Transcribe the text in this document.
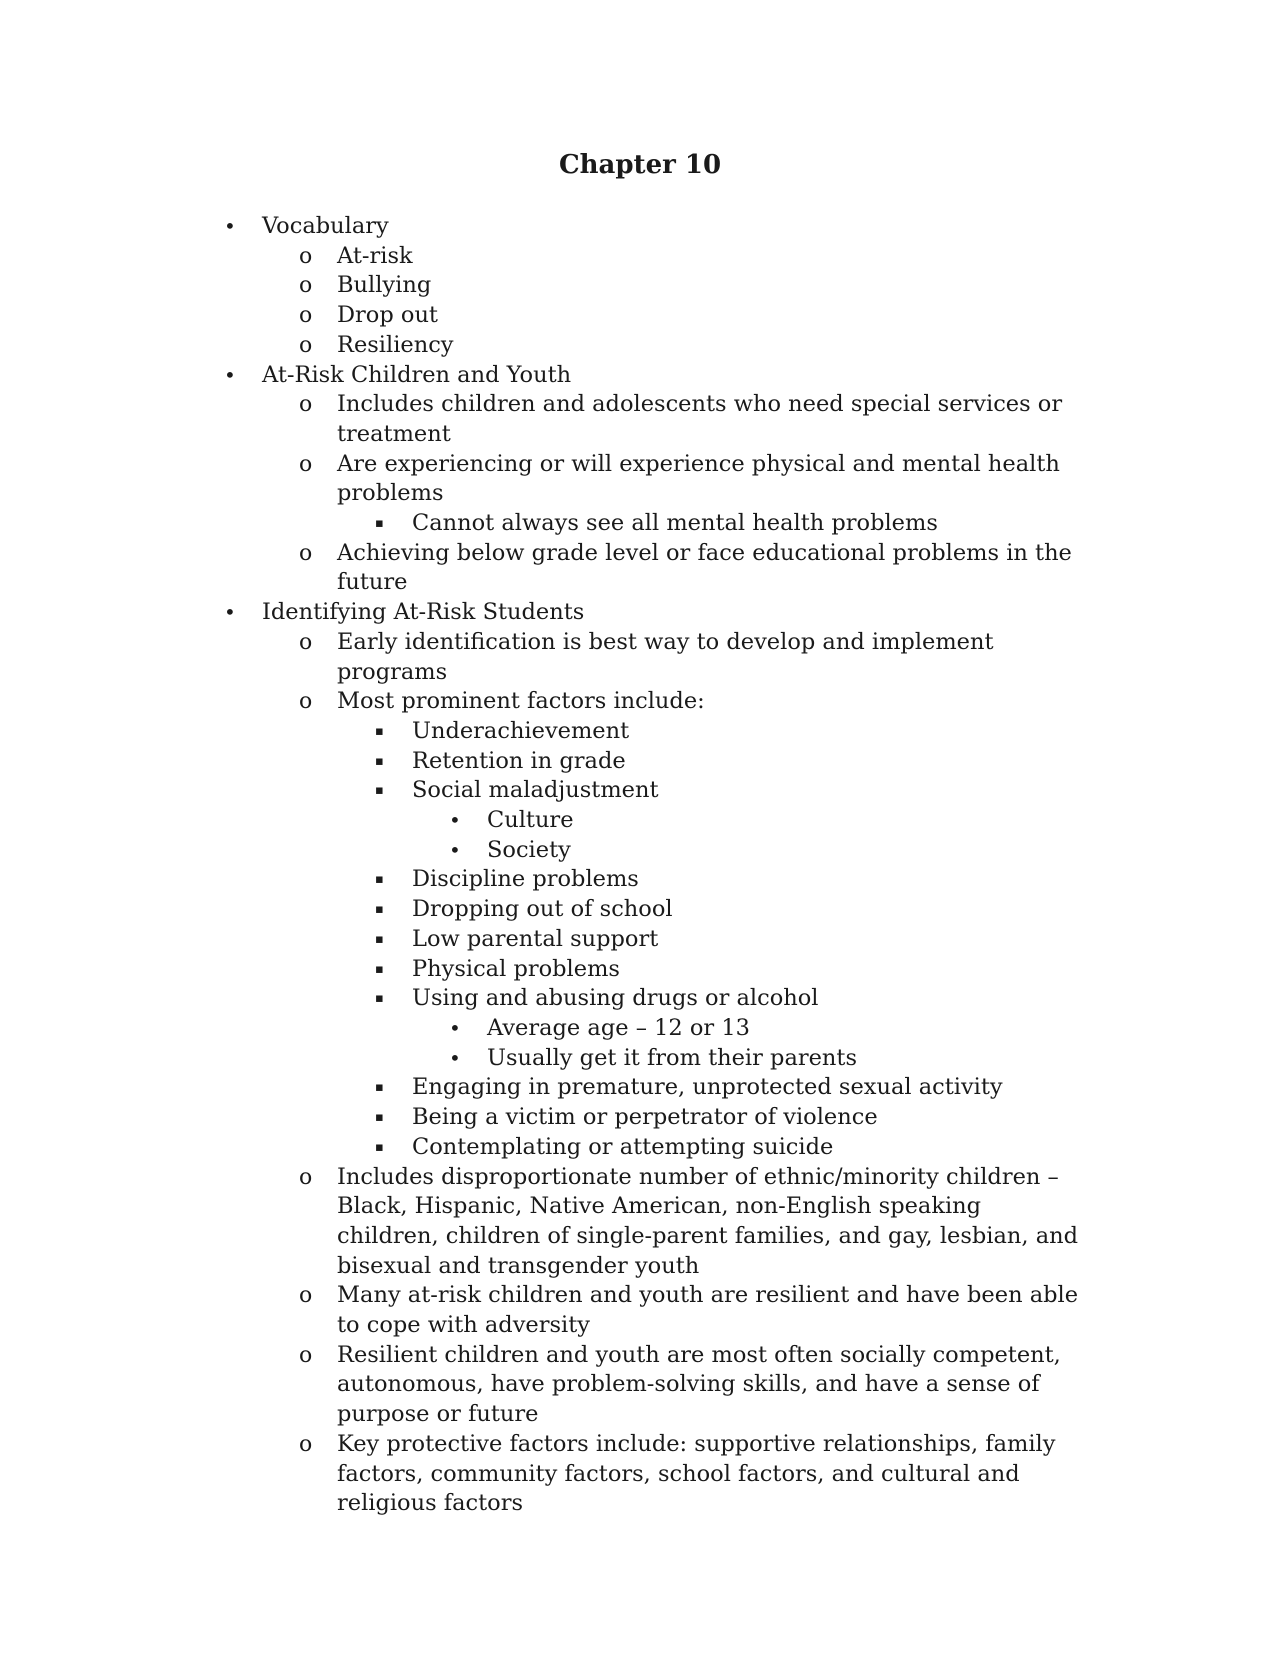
Chapter 10
•	Vocabulary
o	At-risk
o	Bullying
o	Drop out
o	Resiliency
•	At-Risk Children and Youth
o	Includes children and adolescents who need special services or treatment
o	Are experiencing or will experience physical and mental health problems
▪	Cannot always see all mental health problems
o	Achieving below grade level or face educational problems in the future
•	Identifying At-Risk Students
o	Early identification is best way to develop and implement programs
o	Most prominent factors include:
▪	Underachievement
▪	Retention in grade
▪	Social maladjustment
•	Culture
•	Society
▪	Discipline problems
▪	Dropping out of school
▪	Low parental support
▪	Physical problems
▪	Using and abusing drugs or alcohol
•	Average age – 12 or 13
•	Usually get it from their parents
▪	Engaging in premature, unprotected sexual activity
▪	Being a victim or perpetrator of violence
▪	Contemplating or attempting suicide
o	Includes disproportionate number of ethnic/minority children – Black, Hispanic, Native American, non-English speaking children, children of single-parent families, and gay, lesbian, and bisexual and transgender youth
o	Many at-risk children and youth are resilient and have been able to cope with adversity
o	Resilient children and youth are most often socially competent, autonomous, have problem-solving skills, and have a sense of purpose or future
o	Key protective factors include: supportive relationships, family factors, community factors, school factors, and cultural and religious factors
